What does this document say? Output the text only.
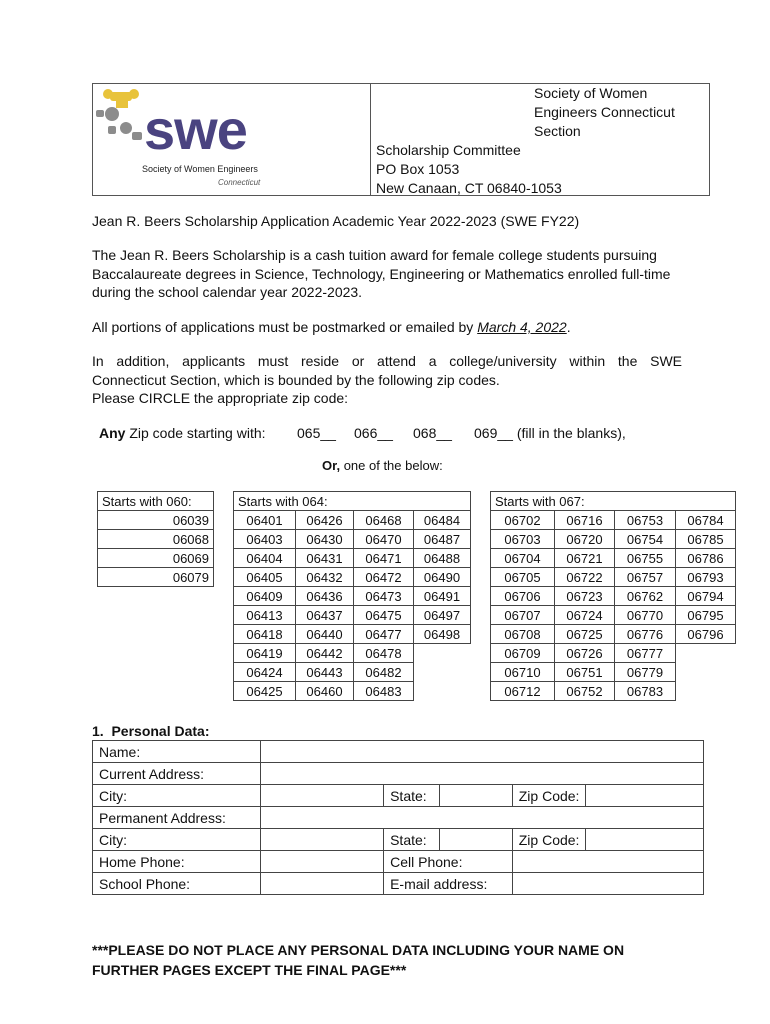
swe
Society of Women Engineers
Connecticut
Society of Women
Engineers Connecticut
Section
Scholarship Committee
PO Box 1053
New Canaan, CT 06840-1053
Jean R. Beers Scholarship Application Academic Year 2022-2023 (SWE FY22)
The Jean R. Beers Scholarship is a cash tuition award for female college students pursuing Baccalaureate degrees in Science, Technology, Engineering or Mathematics enrolled full-time during the school calendar year 2022-2023.
All portions of applications must be postmarked or emailed by March 4, 2022.
In addition, applicants must reside or attend a college/university within the SWE
Connecticut Section, which is bounded by the following zip codes.
Please CIRCLE the appropriate zip code:
Any Zip code starting with: 065__ 066__ 068__ 069__ (fill in the blanks),
Or, one of the below:
Starts with 060:
06039
06068
06069
06079
Starts with 064:			
06401	06426	06468	06484
06403	06430	06470	06487
06404	06431	06471	06488
06405	06432	06472	06490
06409	06436	06473	06491
06413	06437	06475	06497
06418	06440	06477	06498
06419	06442	06478	
06424	06443	06482	
06425	06460	06483	
Starts with 067:			
06702	06716	06753	06784
06703	06720	06754	06785
06704	06721	06755	06786
06705	06722	06757	06793
06706	06723	06762	06794
06707	06724	06770	06795
06708	06725	06776	06796
06709	06726	06777	
06710	06751	06779	
06712	06752	06783	
1.  Personal Data:
Name:					
Current Address:					
City:		State:		Zip Code:	
Permanent Address:					
City:		State:		Zip Code:	
Home Phone:		Cell Phone:			
School Phone:		E-mail address:			
***PLEASE DO NOT PLACE ANY PERSONAL DATA INCLUDING YOUR NAME ON
FURTHER PAGES EXCEPT THE FINAL PAGE***
